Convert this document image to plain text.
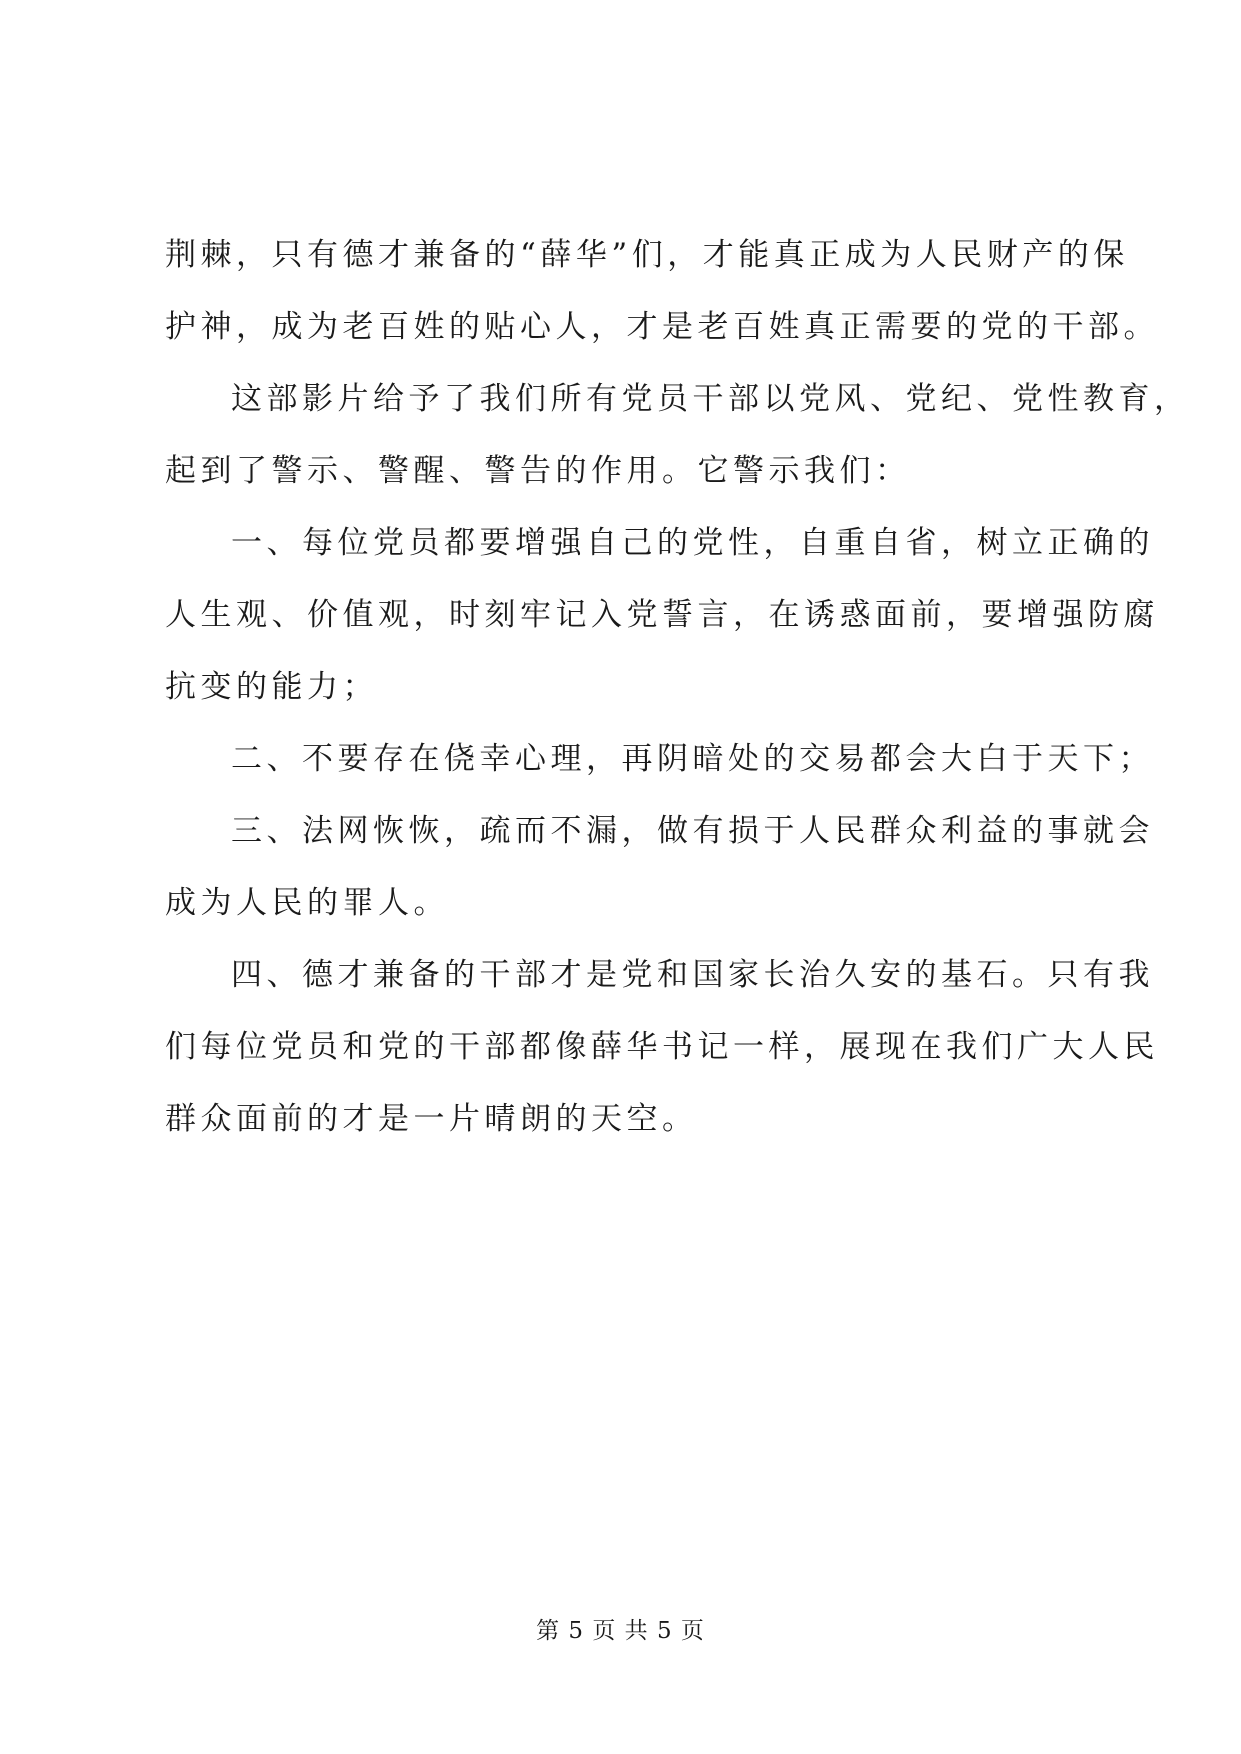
荆棘，只有德才兼备的“薛华”们，才能真正成为人民财产的保
护神，成为老百姓的贴心人，才是老百姓真正需要的党的干部。
这部影片给予了我们所有党员干部以党风、党纪、党性教育，
起到了警示、警醒、警告的作用。它警示我们：
一、每位党员都要增强自己的党性，自重自省，树立正确的
人生观、价值观，时刻牢记入党誓言，在诱惑面前，要增强防腐
抗变的能力；
二、不要存在侥幸心理，再阴暗处的交易都会大白于天下；
三、法网恢恢，疏而不漏，做有损于人民群众利益的事就会
成为人民的罪人。
四、德才兼备的干部才是党和国家长治久安的基石。只有我
们每位党员和党的干部都像薛华书记一样，展现在我们广大人民
群众面前的才是一片晴朗的天空。
第 5 页 共 5 页
